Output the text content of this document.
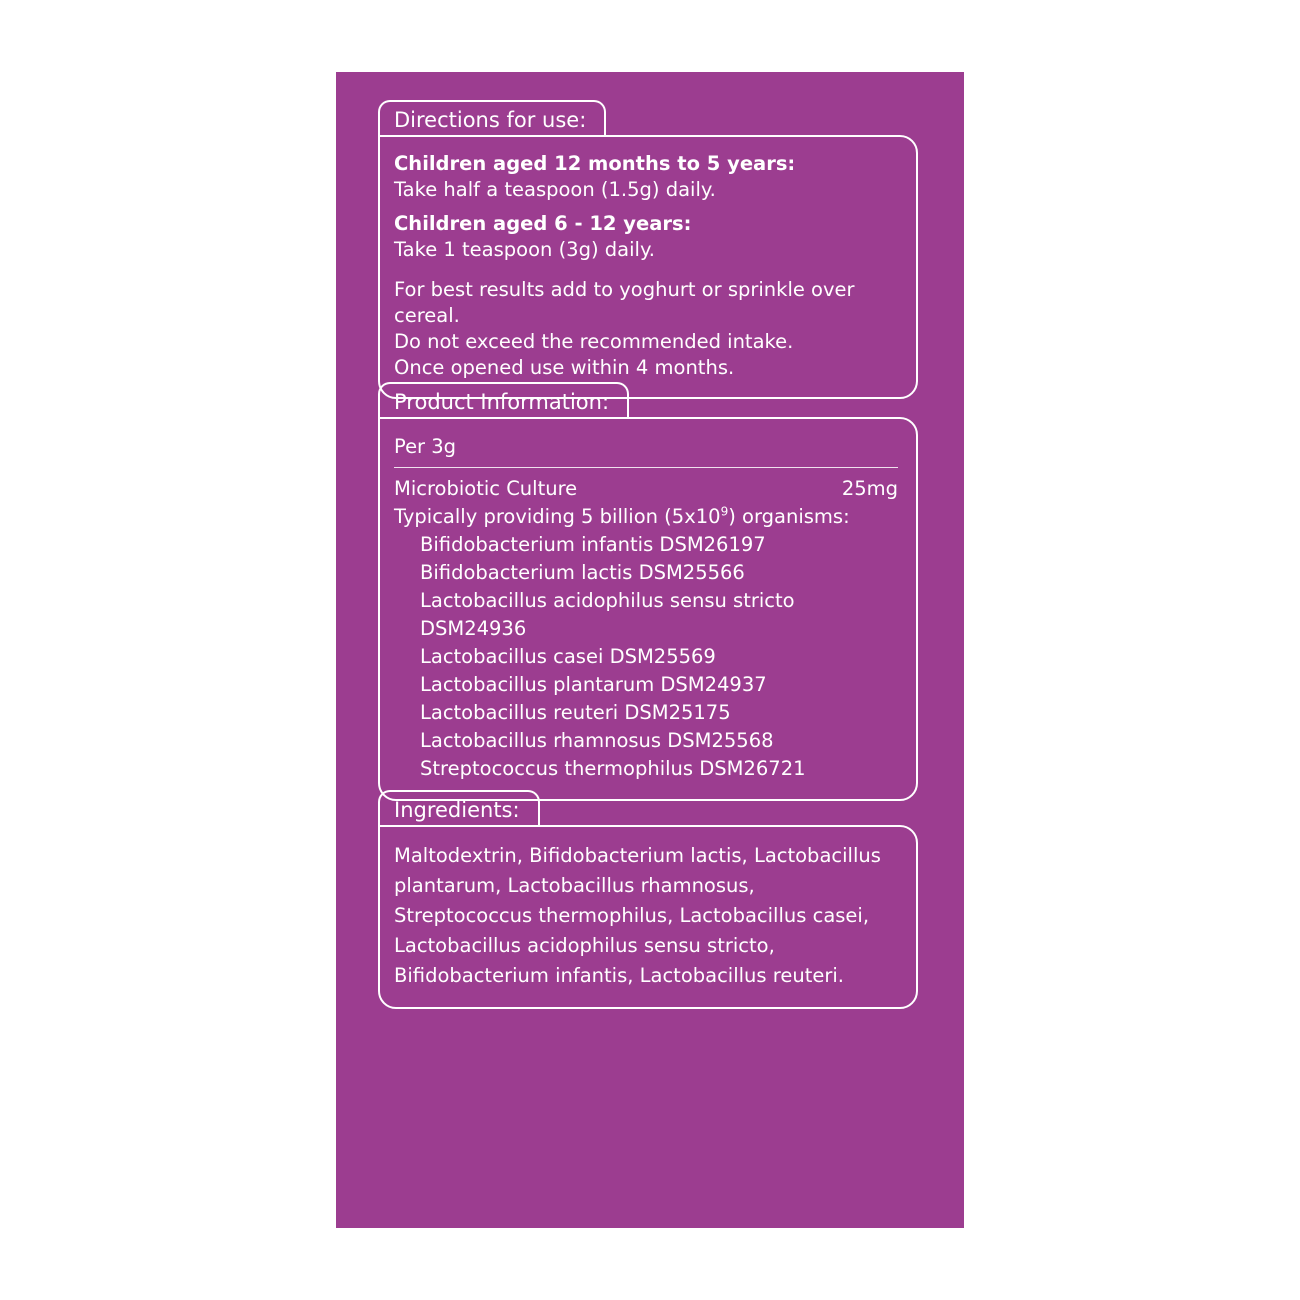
Directions for use:
Children aged 12 months to 5 years:
Take half a teaspoon (1.5g) daily.
Children aged 6 - 12 years:
Take 1 teaspoon (3g) daily.
For best results add to yoghurt or sprinkle over cereal.
Do not exceed the recommended intake.
Once opened use within 4 months.
Product Information:
Per 3g
Microbiotic Culture	25mg
Typically providing 5 billion $(5x10^9)$ organisms:
Bifidobacterium infantis DSM26197
Bifidobacterium lactis DSM25566
Lactobacillus acidophilus sensu stricto DSM24936
Lactobacillus casei DSM25569
Lactobacillus plantarum DSM24937
Lactobacillus reuteri DSM25175
Lactobacillus rhamnosus DSM25568
Streptococcus thermophilus DSM26721
Ingredients:
Maltodextrin, Bifidobacterium lactis, Lactobacillus plantarum, Lactobacillus rhamnosus, Streptococcus thermophilus, Lactobacillus casei, Lactobacillus acidophilus sensu stricto, Bifidobacterium infantis, Lactobacillus reuteri.
